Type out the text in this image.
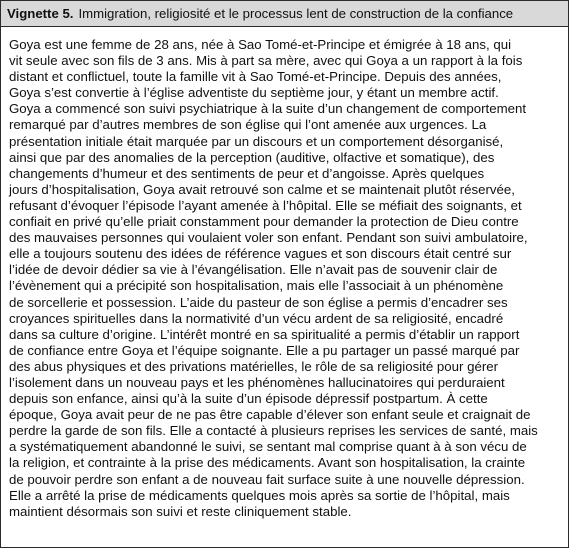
Vignette 5. Immigration, religiosité et le processus lent de construction de la confiance

Goya est une femme de 28 ans, née à Sao Tomé-et-Principe et émigrée à 18 ans, qui
vit seule avec son fils de 3 ans. Mis à part sa mère, avec qui Goya a un rapport à la fois
distant et conflictuel, toute la famille vit à Sao Tomé-et-Principe. Depuis des années,
Goya s’est convertie à l’église adventiste du septième jour, y étant un membre actif.
Goya a commencé son suivi psychiatrique à la suite d’un changement de comportement
remarqué par d’autres membres de son église qui l’ont amenée aux urgences. La
présentation initiale était marquée par un discours et un comportement désorganisé,
ainsi que par des anomalies de la perception (auditive, olfactive et somatique), des
changements d’humeur et des sentiments de peur et d’angoisse. Après quelques
jours d’hospitalisation, Goya avait retrouvé son calme et se maintenait plutôt réservée,
refusant d’évoquer l’épisode l’ayant amenée à l’hôpital. Elle se méfiait des soignants, et
confiait en privé qu’elle priait constamment pour demander la protection de Dieu contre
des mauvaises personnes qui voulaient voler son enfant. Pendant son suivi ambulatoire,
elle a toujours soutenu des idées de référence vagues et son discours était centré sur
l’idée de devoir dédier sa vie à l’évangélisation. Elle n’avait pas de souvenir clair de
l’évènement qui a précipité son hospitalisation, mais elle l’associait à un phénomène
de sorcellerie et possession. L’aide du pasteur de son église a permis d’encadrer ses
croyances spirituelles dans la normativité d’un vécu ardent de sa religiosité, encadré
dans sa culture d’origine. L’intérêt montré en sa spiritualité a permis d’établir un rapport
de confiance entre Goya et l’équipe soignante. Elle a pu partager un passé marqué par
des abus physiques et des privations matérielles, le rôle de sa religiosité pour gérer
l’isolement dans un nouveau pays et les phénomènes hallucinatoires qui perduraient
depuis son enfance, ainsi qu’à la suite d’un épisode dépressif postpartum. À cette
époque, Goya avait peur de ne pas être capable d’élever son enfant seule et craignait de
perdre la garde de son fils. Elle a contacté à plusieurs reprises les services de santé, mais
a systématiquement abandonné le suivi, se sentant mal comprise quant à à son vécu de
la religion, et contrainte à la prise des médicaments. Avant son hospitalisation, la crainte
de pouvoir perdre son enfant a de nouveau fait surface suite à une nouvelle dépression.
Elle a arrêté la prise de médicaments quelques mois après sa sortie de l’hôpital, mais
maintient désormais son suivi et reste cliniquement stable.
